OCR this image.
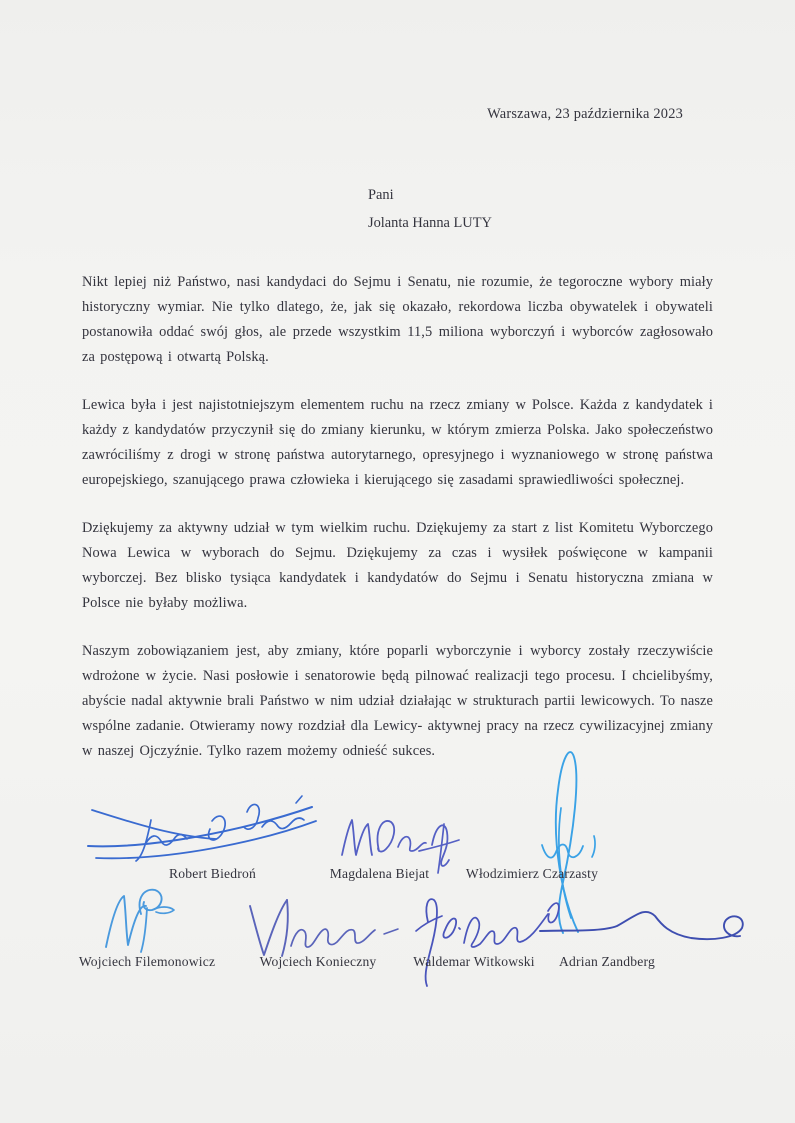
Warszawa, 23 października 2023
Pani
Jolanta Hanna LUTY

Nikt lepiej niż Państwo, nasi kandydaci do Sejmu i Senatu, nie rozumie, że tegoroczne wybory miały historyczny wymiar. Nie tylko dlatego, że, jak się okazało, rekordowa liczba obywatelek i obywateli postanowiła oddać swój głos, ale przede wszystkim 11,5 miliona wyborczyń i wyborców zagłosowało za postępową i otwartą Polską.

Lewica była i jest najistotniejszym elementem ruchu na rzecz zmiany w Polsce. Każda z kandydatek i każdy z kandydatów przyczynił się do zmiany kierunku, w którym zmierza Polska. Jako społeczeństwo zawróciliśmy z drogi w stronę państwa autorytarnego, opresyjnego i wyznaniowego w stronę państwa europejskiego, szanującego prawa człowieka i kierującego się zasadami sprawiedliwości społecznej.

Dziękujemy za aktywny udział w tym wielkim ruchu. Dziękujemy za start z list Komitetu Wyborczego Nowa Lewica w wyborach do Sejmu. Dziękujemy za czas i wysiłek poświęcone w kampanii wyborczej. Bez blisko tysiąca kandydatek i kandydatów do Sejmu i Senatu historyczna zmiana w Polsce nie byłaby możliwa.

Naszym zobowiązaniem jest, aby zmiany, które poparli wyborczynie i wyborcy zostały rzeczywiście wdrożone w życie. Nasi posłowie i senatorowie będą pilnować realizacji tego procesu. I chcielibyśmy, abyście nadal aktywnie brali Państwo w nim udział działając w strukturach partii lewicowych. To nasze wspólne zadanie. Otwieramy nowy rozdział dla Lewicy- aktywnej pracy na rzecz cywilizacyjnej zmiany w naszej Ojczyźnie. Tylko razem możemy odnieść sukces.

Robert Biedroń	Magdalena Biejat	Włodzimierz Czarzasty
Wojciech Filemonowicz	Wojciech Konieczny	Waldemar Witkowski	Adrian Zandberg
